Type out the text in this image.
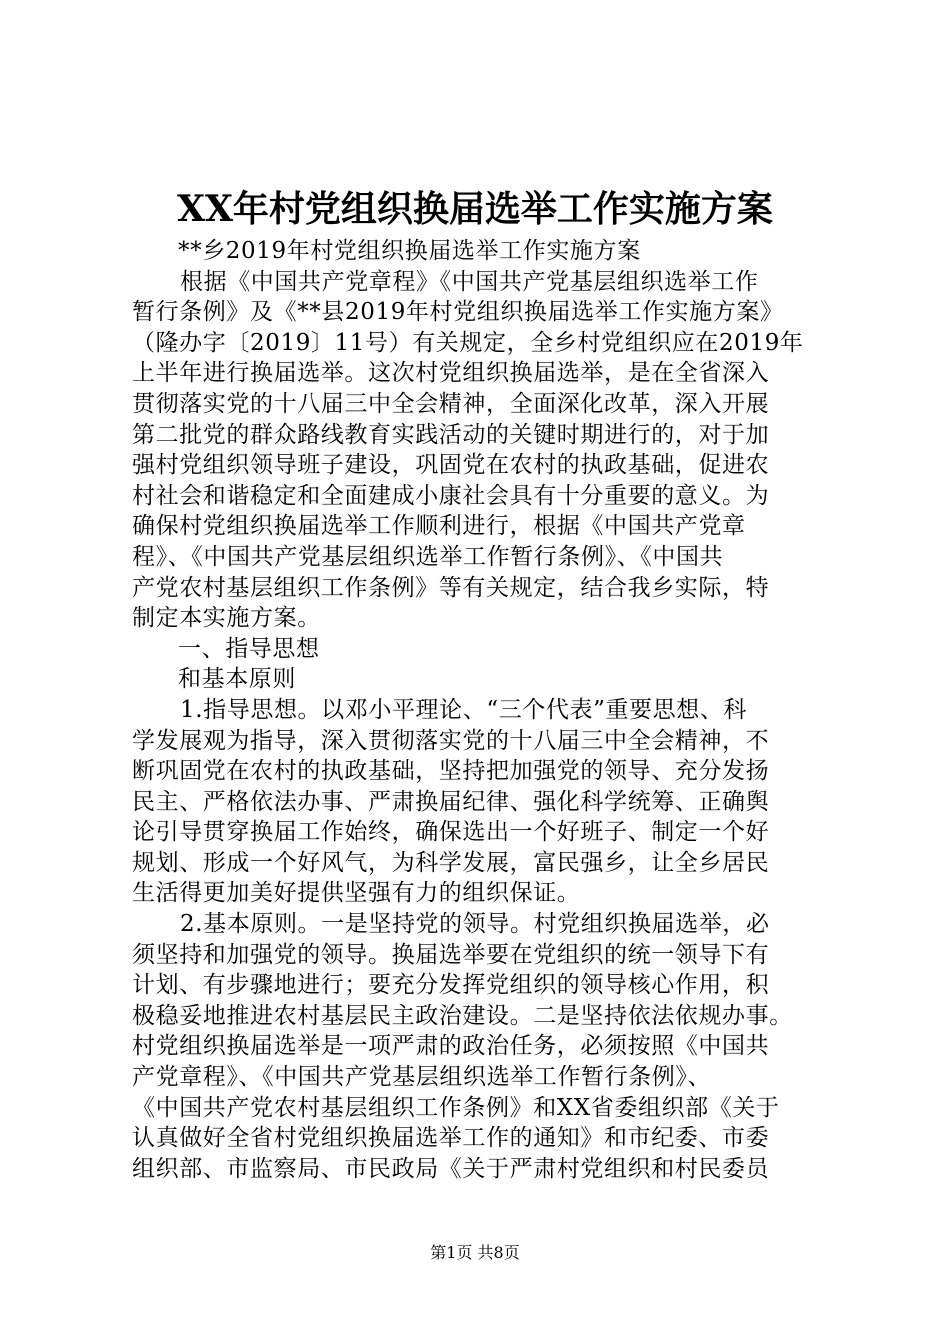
XX年村党组织换届选举工作实施方案
**乡2019年村党组织换届选举工作实施方案
根据《中国共产党章程》《中国共产党基层组织选举工作
暂行条例》及《**县2019年村党组织换届选举工作实施方案》
（隆办字〔2019〕11号）有关规定，全乡村党组织应在2019年
上半年进行换届选举。这次村党组织换届选举，是在全省深入
贯彻落实党的十八届三中全会精神，全面深化改革，深入开展
第二批党的群众路线教育实践活动的关键时期进行的，对于加
强村党组织领导班子建设，巩固党在农村的执政基础，促进农
村社会和谐稳定和全面建成小康社会具有十分重要的意义。为
确保村党组织换届选举工作顺利进行，根据《中国共产党章
程》、《中国共产党基层组织选举工作暂行条例》、《中国共
产党农村基层组织工作条例》等有关规定，结合我乡实际，特
制定本实施方案。
一、指导思想
和基本原则
1.指导思想。以邓小平理论、“三个代表”重要思想、科
学发展观为指导，深入贯彻落实党的十八届三中全会精神，不
断巩固党在农村的执政基础，坚持把加强党的领导、充分发扬
民主、严格依法办事、严肃换届纪律、强化科学统筹、正确舆
论引导贯穿换届工作始终，确保选出一个好班子、制定一个好
规划、形成一个好风气，为科学发展，富民强乡，让全乡居民
生活得更加美好提供坚强有力的组织保证。
2.基本原则。一是坚持党的领导。村党组织换届选举，必
须坚持和加强党的领导。换届选举要在党组织的统一领导下有
计划、有步骤地进行；要充分发挥党组织的领导核心作用，积
极稳妥地推进农村基层民主政治建设。二是坚持依法依规办事。
村党组织换届选举是一项严肃的政治任务，必须按照《中国共
产党章程》、《中国共产党基层组织选举工作暂行条例》、
《中国共产党农村基层组织工作条例》和XX省委组织部《关于
认真做好全省村党组织换届选举工作的通知》和市纪委、市委
组织部、市监察局、市民政局《关于严肃村党组织和村民委员
第1页 共8页
